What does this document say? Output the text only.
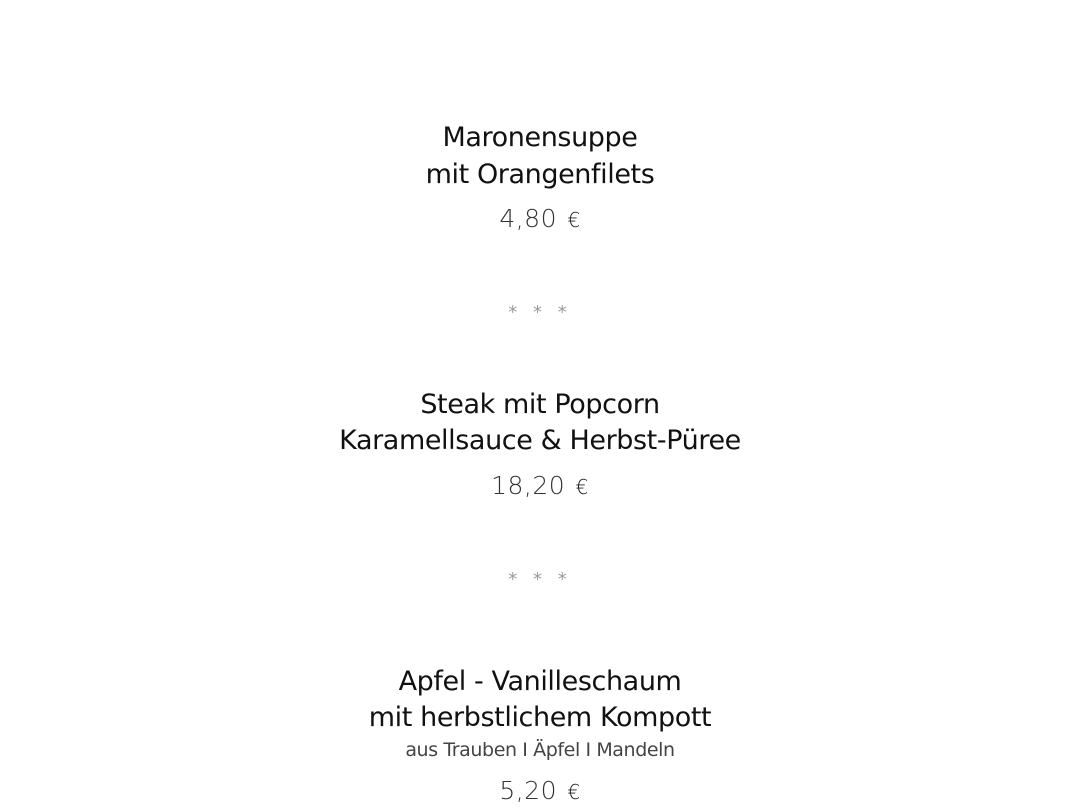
Maronensuppe
mit Orangenfilets
4,80 €
* * *
Steak mit Popcorn
Karamellsauce & Herbst-Püree
18,20 €
* * *
Apfel - Vanilleschaum
mit herbstlichem Kompott
aus Trauben I Äpfel I Mandeln
5,20 €
